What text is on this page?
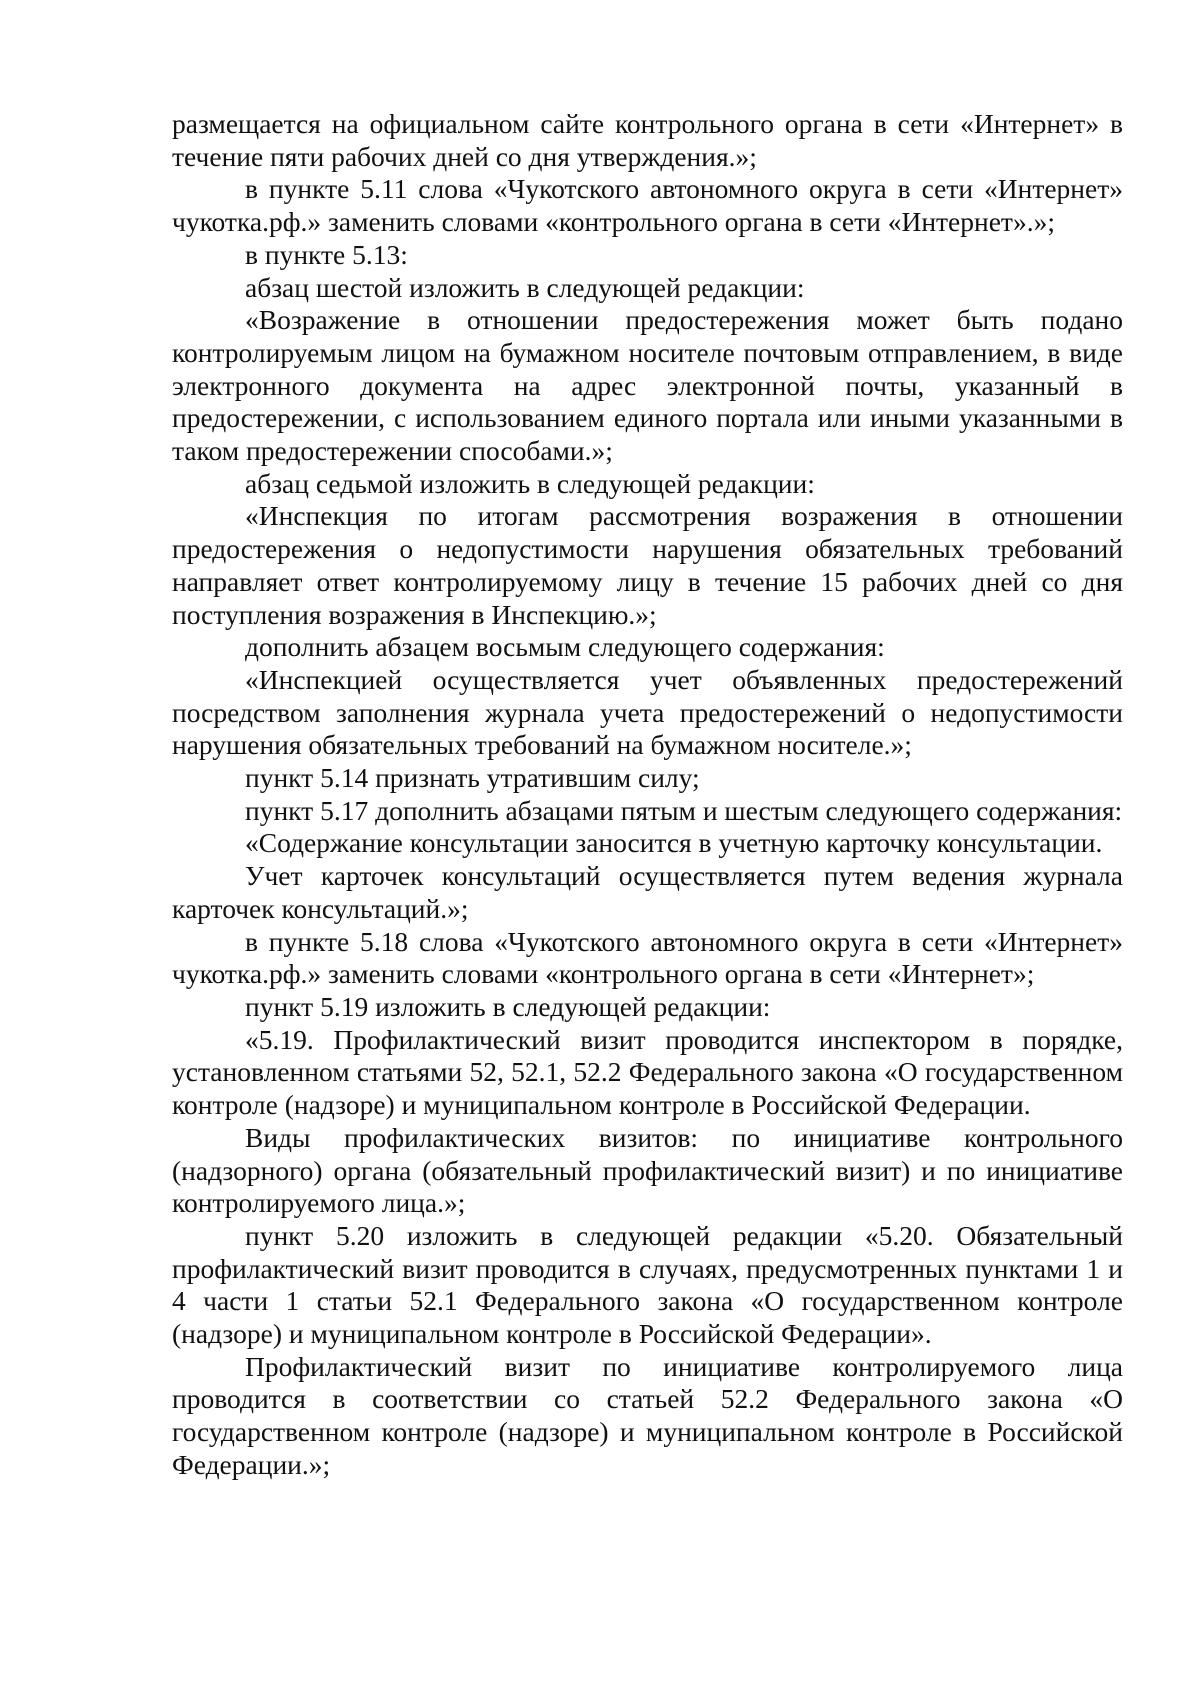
размещается на официальном сайте контрольного органа в сети «Интернет» в течение пяти рабочих дней со дня утверждения.»;

в пункте 5.11 слова «Чукотского автономного округа в сети «Интернет» чукотка.рф.» заменить словами «контрольного органа в сети «Интернет».»;

в пункте 5.13:

абзац шестой изложить в следующей редакции:

«Возражение в отношении предостережения может быть подано контролируемым лицом на бумажном носителе почтовым отправлением, в виде электронного документа на адрес электронной почты, указанный в предостережении, с использованием единого портала или иными указанными в таком предостережении способами.»;

абзац седьмой изложить в следующей редакции:

«Инспекция по итогам рассмотрения возражения в отношении предостережения о недопустимости нарушения обязательных требований направляет ответ контролируемому лицу в течение 15 рабочих дней со дня поступления возражения в Инспекцию.»;

дополнить абзацем восьмым следующего содержания:

«Инспекцией осуществляется учет объявленных предостережений посредством заполнения журнала учета предостережений о недопустимости нарушения обязательных требований на бумажном носителе.»;

пункт 5.14 признать утратившим силу;

пункт 5.17 дополнить абзацами пятым и шестым следующего содержания:

«Содержание консультации заносится в учетную карточку консультации.

Учет карточек консультаций осуществляется путем ведения журнала карточек консультаций.»;

в пункте 5.18 слова «Чукотского автономного округа в сети «Интернет» чукотка.рф.» заменить словами «контрольного органа в сети «Интернет»;

пункт 5.19 изложить в следующей редакции:

«5.19. Профилактический визит проводится инспектором в порядке, установленном статьями 52, 52.1, 52.2 Федерального закона «О государственном контроле (надзоре) и муниципальном контроле в Российской Федерации.

Виды профилактических визитов: по инициативе контрольного (надзорного) органа (обязательный профилактический визит) и по инициативе контролируемого лица.»;

пункт 5.20 изложить в следующей редакции «5.20. Обязательный профилактический визит проводится в случаях, предусмотренных пунктами 1 и 4 части 1 статьи 52.1 Федерального закона «О государственном контроле (надзоре) и муниципальном контроле в Российской Федерации».

Профилактический визит по инициативе контролируемого лица проводится в соответствии со статьей 52.2 Федерального закона «О государственном контроле (надзоре) и муниципальном контроле в Российской Федерации.»;
